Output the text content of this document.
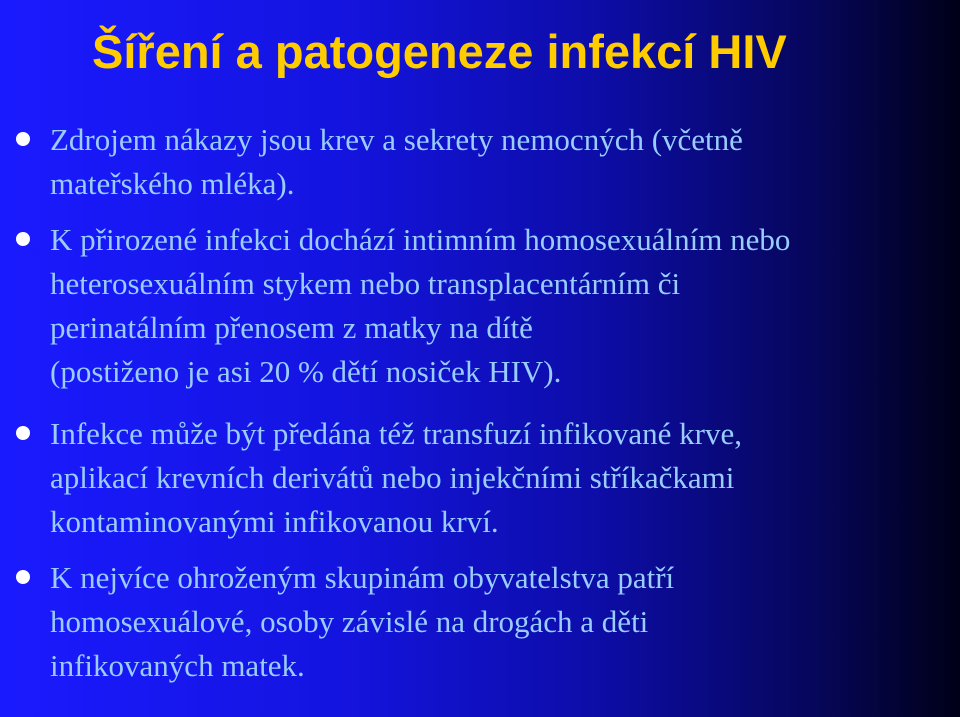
Šíření a patogeneze infekcí HIV
Zdrojem nákazy jsou krev a sekrety nemocných (včetně
mateřského mléka).
K přirozené infekci dochází intimním homosexuálním nebo
heterosexuálním stykem nebo transplacentárním či
perinatálním přenosem z matky na dítě
(postiženo je asi 20 % dětí nosiček HIV).
Infekce může být předána též transfuzí infikované krve,
aplikací krevních derivátů nebo injekčními stříkačkami
kontaminovanými infikovanou krví.
K nejvíce ohroženým skupinám obyvatelstva patří
homosexuálové, osoby závislé na drogách a děti
infikovaných matek.
